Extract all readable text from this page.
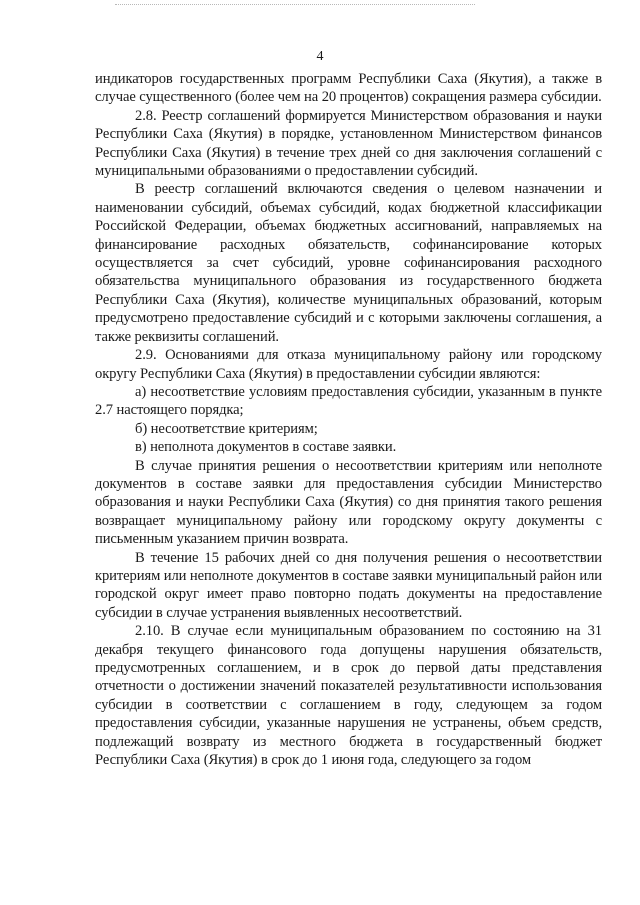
4

индикаторов государственных программ Республики Саха (Якутия), а также в случае существенного (более чем на 20 процентов) сокращения размера субсидии.

2.8. Реестр соглашений формируется Министерством образования и науки Республики Саха (Якутия) в порядке, установленном Министерством финансов Республики Саха (Якутия) в течение трех дней со дня заключения соглашений с муниципальными образованиями о предоставлении субсидий.

В реестр соглашений включаются сведения о целевом назначении и наименовании субсидий, объемах субсидий, кодах бюджетной классификации Российской Федерации, объемах бюджетных ассигнований, направляемых на финансирование расходных обязательств, софинансирование которых осуществляется за счет субсидий, уровне софинансирования расходного обязательства муниципального образования из государственного бюджета Республики Саха (Якутия), количестве муниципальных образований, которым предусмотрено предоставление субсидий и с которыми заключены соглашения, а также реквизиты соглашений.

2.9. Основаниями для отказа муниципальному району или городскому округу Республики Саха (Якутия) в предоставлении субсидии являются:

а) несоответствие условиям предоставления субсидии, указанным в пункте 2.7 настоящего порядка;

б) несоответствие критериям;

в) неполнота документов в составе заявки.

В случае принятия решения о несоответствии критериям или неполноте документов в составе заявки для предоставления субсидии Министерство образования и науки Республики Саха (Якутия) со дня принятия такого решения возвращает муниципальному району или городскому округу документы с письменным указанием причин возврата.

В течение 15 рабочих дней со дня получения решения о несоответствии критериям или неполноте документов в составе заявки муниципальный район или городской округ имеет право повторно подать документы на предоставление субсидии в случае устранения выявленных несоответствий.

2.10. В случае если муниципальным образованием по состоянию на 31 декабря текущего финансового года допущены нарушения обязательств, предусмотренных соглашением, и в срок до первой даты представления отчетности о достижении значений показателей результативности использования субсидии в соответствии с соглашением в году, следующем за годом предоставления субсидии, указанные нарушения не устранены, объем средств, подлежащий возврату из местного бюджета в государственный бюджет Республики Саха (Якутия) в срок до 1 июня года, следующего за годом
